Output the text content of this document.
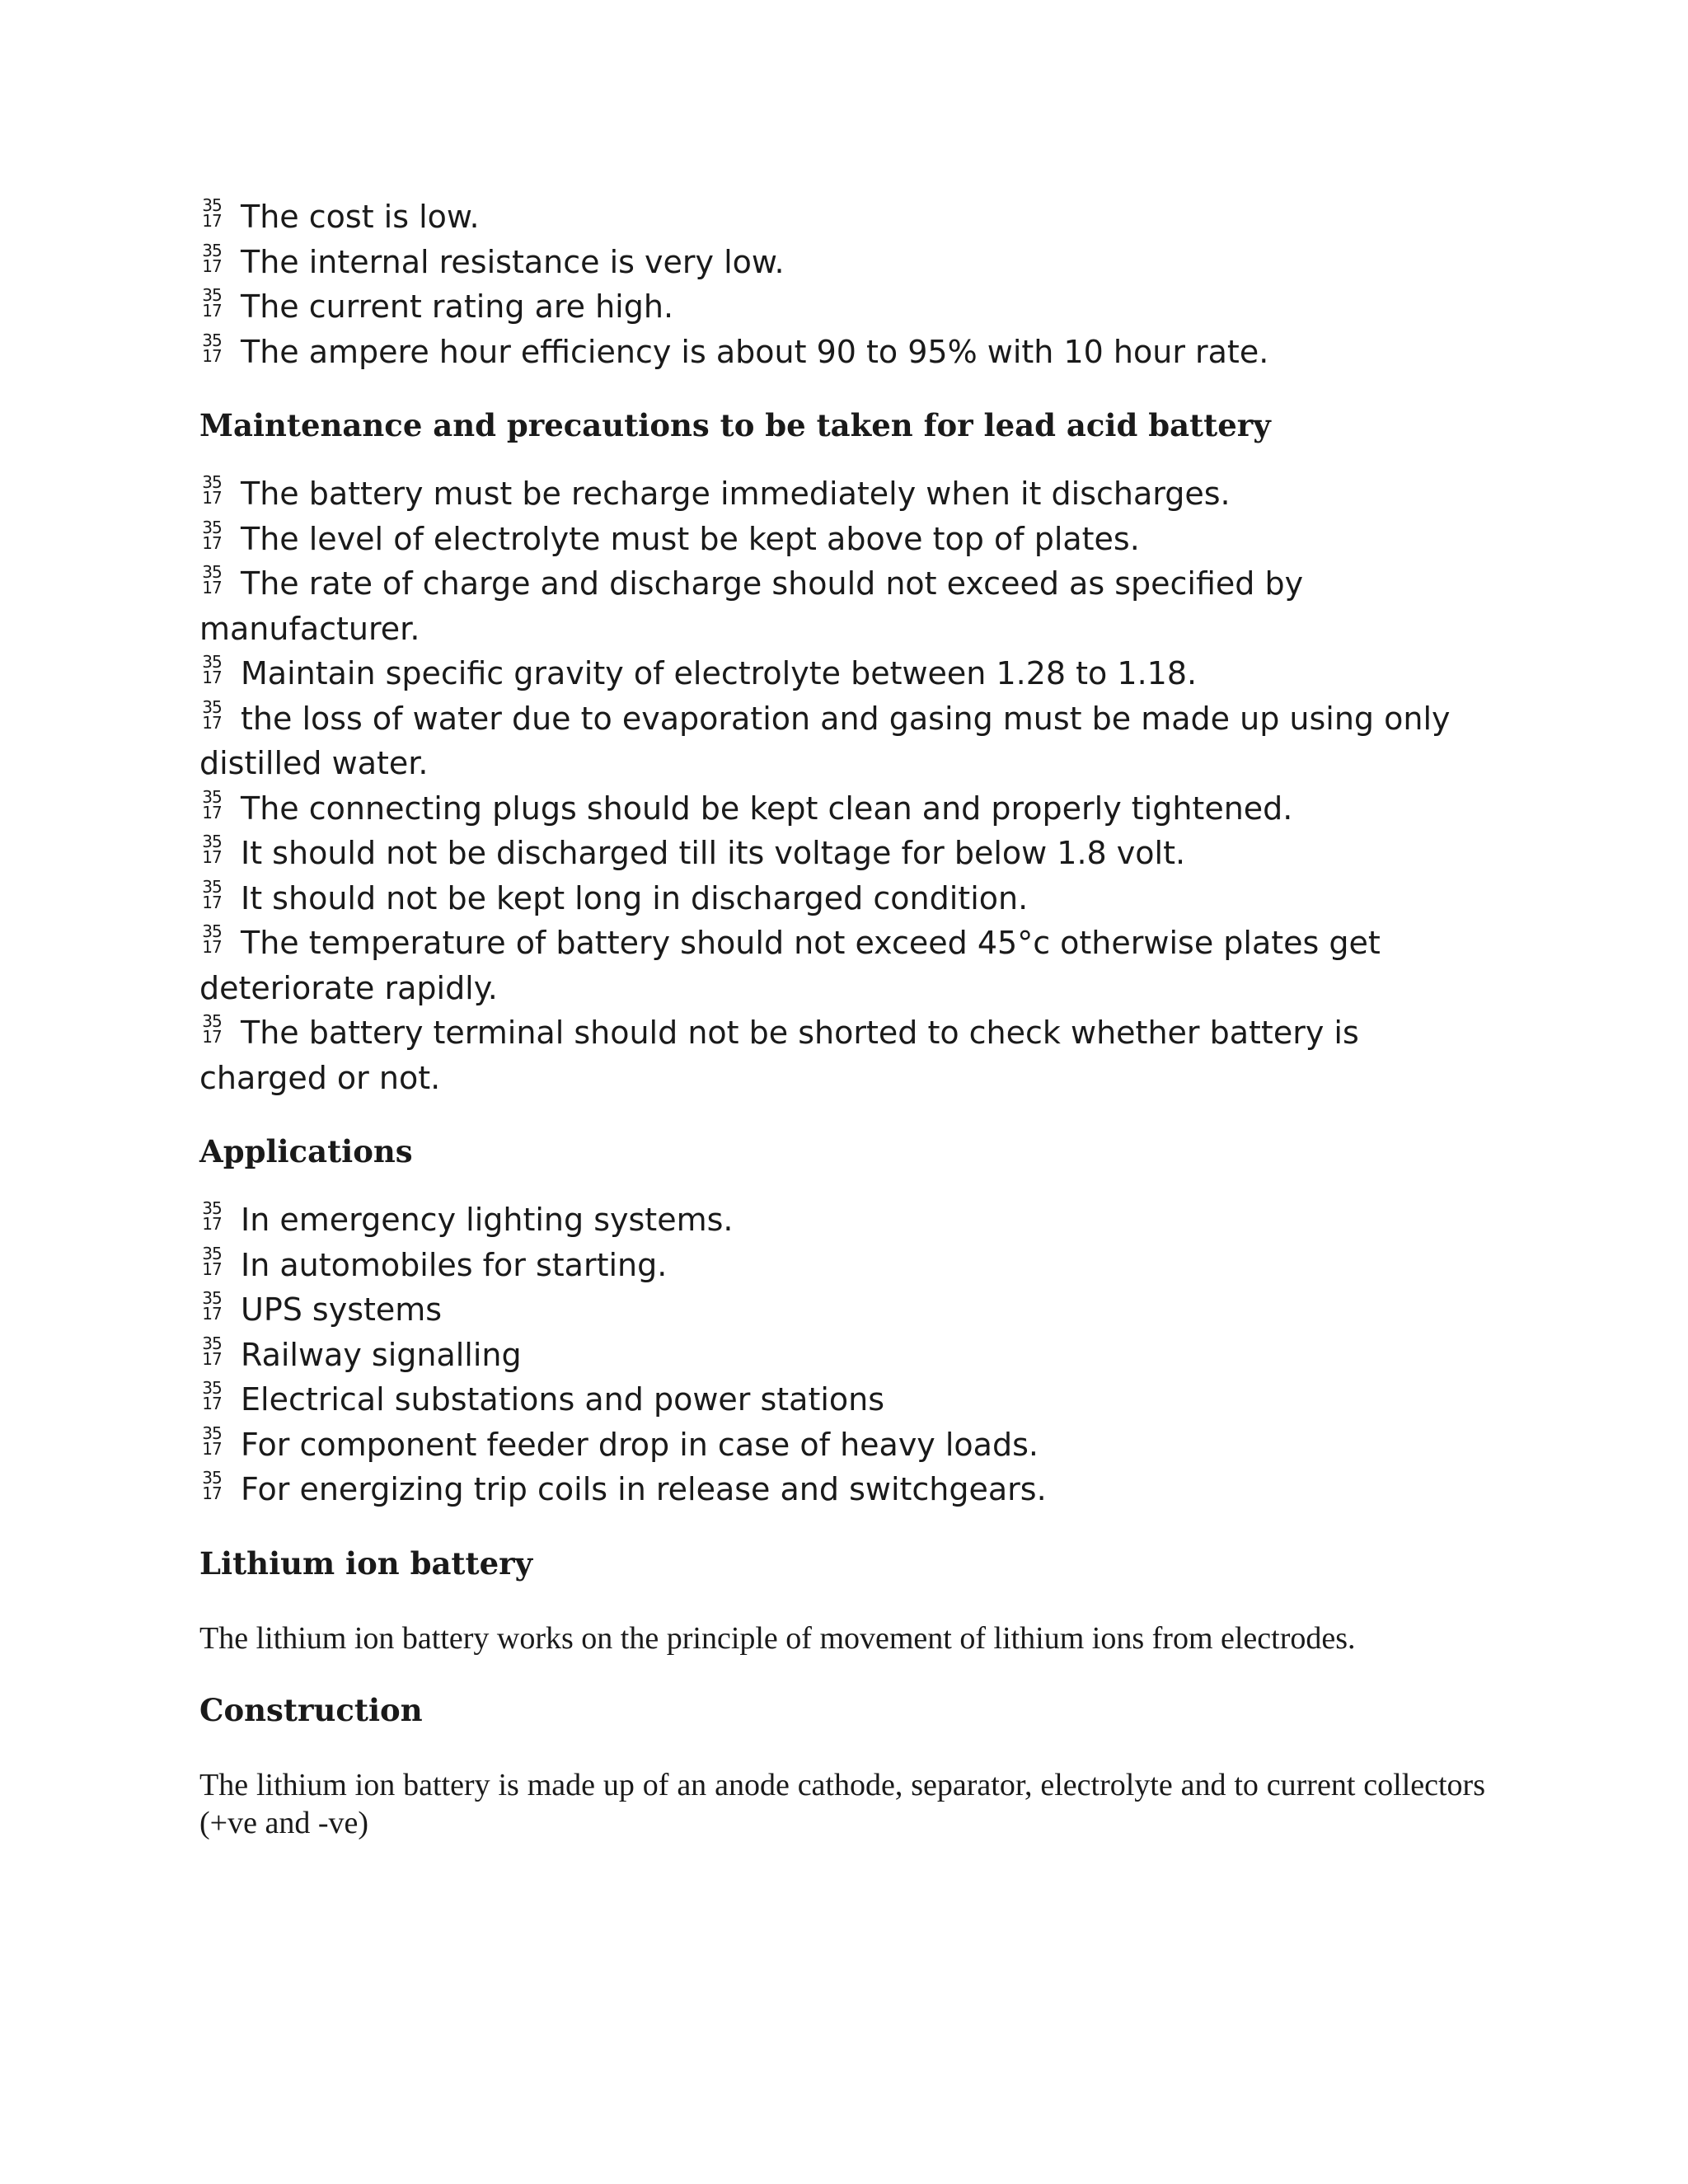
35
17 The cost is low.
35
17 The internal resistance is very low.
35
17 The current rating are high.
35
17 The ampere hour efficiency is about 90 to 95% with 10 hour rate.
Maintenance and precautions to be taken for lead acid battery
35
17 The battery must be recharge immediately when it discharges.
35
17 The level of electrolyte must be kept above top of plates.
35
17 The rate of charge and discharge should not exceed as specified by manufacturer.
35
17 Maintain specific gravity of electrolyte between 1.28 to 1.18.
35
17 the loss of water due to evaporation and gasing must be made up using only distilled water.
35
17 The connecting plugs should be kept clean and properly tightened.
35
17 It should not be discharged till its voltage for below 1.8 volt.
35
17 It should not be kept long in discharged condition.
35
17 The temperature of battery should not exceed 45°c otherwise plates get deteriorate rapidly.
35
17 The battery terminal should not be shorted to check whether battery is charged or not.
Applications
35
17 In emergency lighting systems.
35
17 In automobiles for starting.
35
17 UPS systems
35
17 Railway signalling
35
17 Electrical substations and power stations
35
17 For component feeder drop in case of heavy loads.
35
17 For energizing trip coils in release and switchgears.
Lithium ion battery

The lithium ion battery works on the principle of movement of lithium ions from electrodes.

Construction

The lithium ion battery is made up of an anode cathode, separator, electrolyte and to current collectors (+ve and -ve)
